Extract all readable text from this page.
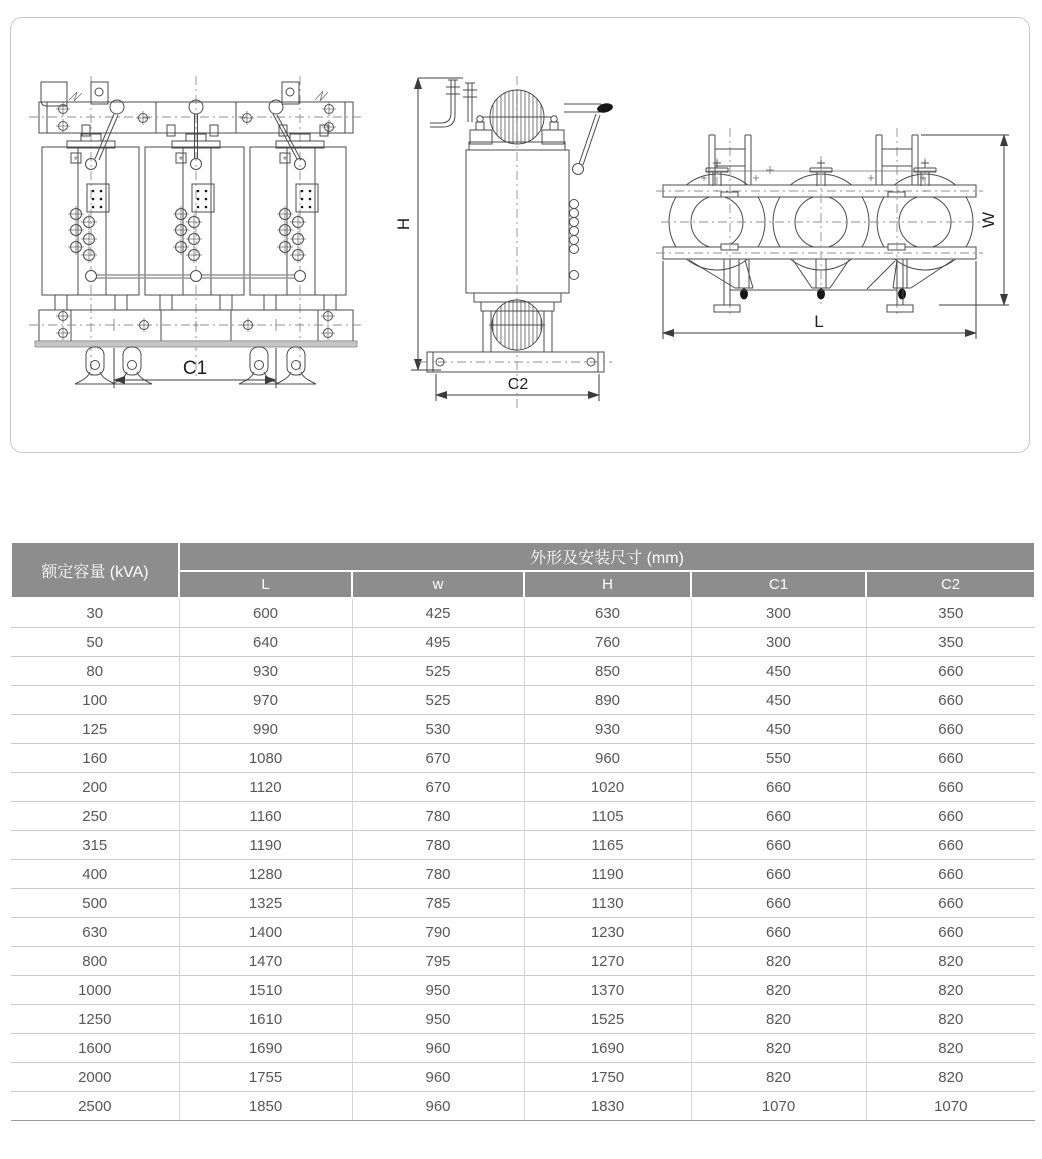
C1
H
C2
W
L
额定容量 (kVA)	外形及安装尺寸 (mm)				
	L	w	H	C1	C2
30	600	425	630	300	350
50	640	495	760	300	350
80	930	525	850	450	660
100	970	525	890	450	660
125	990	530	930	450	660
160	1080	670	960	550	660
200	1120	670	1020	660	660
250	1160	780	1105	660	660
315	1190	780	1165	660	660
400	1280	780	1190	660	660
500	1325	785	1130	660	660
630	1400	790	1230	660	660
800	1470	795	1270	820	820
1000	1510	950	1370	820	820
1250	1610	950	1525	820	820
1600	1690	960	1690	820	820
2000	1755	960	1750	820	820
2500	1850	960	1830	1070	1070
